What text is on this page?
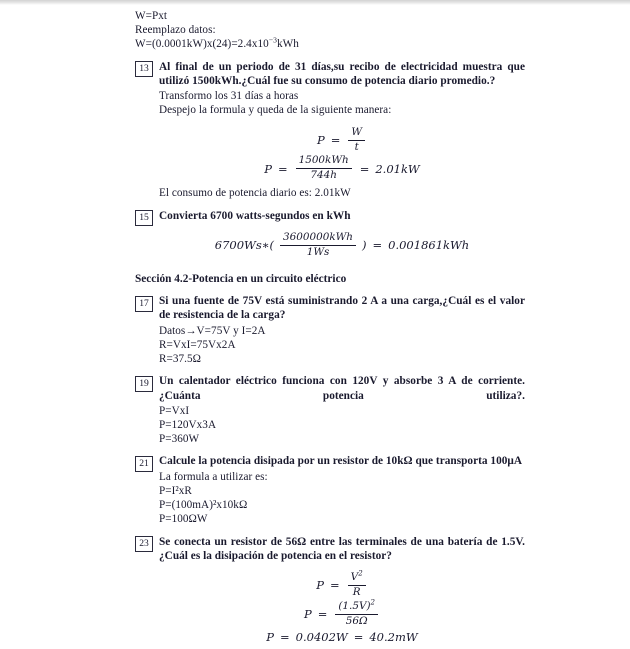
W=Pxt
Reemplazo datos:
$W=(0.0001kW)x(24)=2.4x10^{-3}kWh$
13 Al final de un periodo de 31 días,su recibo de electricidad muestra que utilizó 1500kWh.¿Cuál fue su consumo de potencia diario promedio.?
Transformo los 31 días a horas
Despejo la formula y queda de la siguiente manera:
$P = \frac{W}{t}$
$P = \frac{\text{1500kWh}}{744h} = 2.01kW$
El consumo de potencia diario es: 2.01kW
15 Convierta 6700 watts-segundos en kWh
6700Ws∗( $\frac{\text{3600000kWh}}{1Ws}$ ) = 0.001861kWh
Sección 4.2-Potencia en un circuito eléctrico
17 Si una fuente de 75V está suministrando 2 A a una carga,¿Cuál es el valor de resistencia de la carga?
Datos→V=75V y I=2A
R=VxI=75Vx2A
R=37.5Ω
19 Un calentador eléctrico funciona con 120V y absorbe 3 A de corriente.¿Cuánta potencia utiliza?.
P=VxI
P=120Vx3A
P=360W
21 Calcule la potencia disipada por un resistor de 10kΩ que transporta 100μA
La formula a utilizar es:
P=I²xR
P=(100mA)²x10kΩ
P=100ΩW
23 Se conecta un resistor de 56Ω entre las terminales de una batería de 1.5V.¿Cuál es la disipación de potencia en el resistor?
$P = \frac{V^2}{R}$
$P = \frac{(1.5V)^2}{56\Omega}$
P = 0.0402W = 40.2mW
